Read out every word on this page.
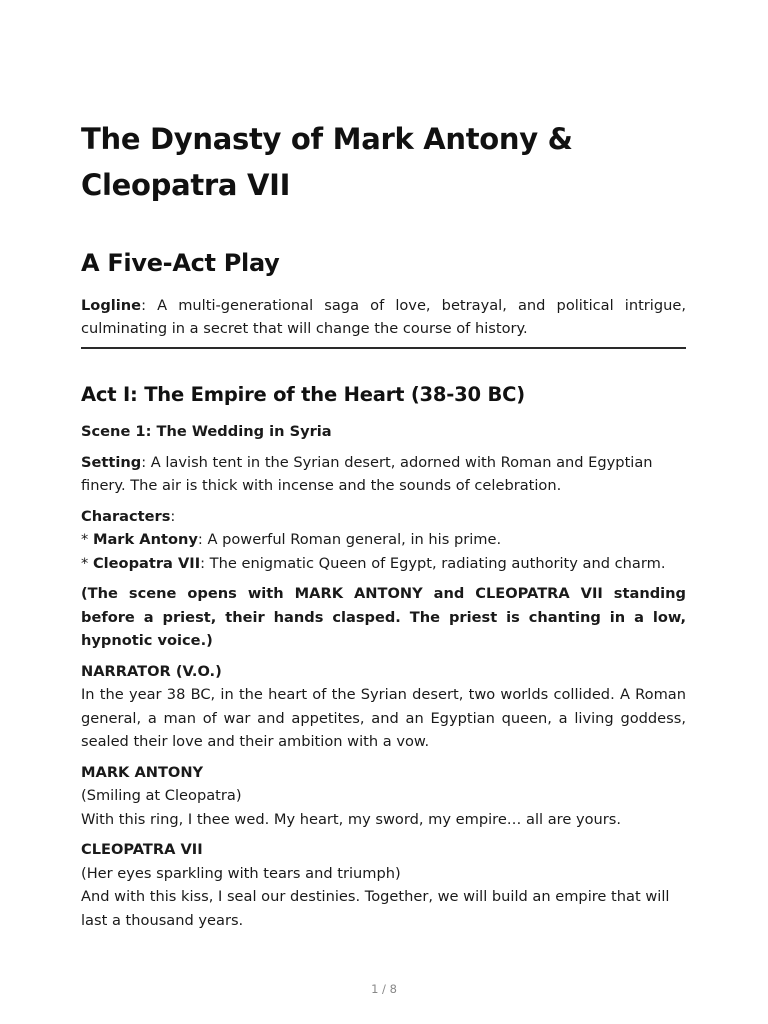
The Dynasty of Mark Antony & Cleopatra VII
A Five-Act Play

Logline: A multi-generational saga of love, betrayal, and political intrigue, culminating in a secret that will change the course of history.

Act I: The Empire of the Heart (38-30 BC)

Scene 1: The Wedding in Syria

Setting: A lavish tent in the Syrian desert, adorned with Roman and Egyptian finery. The air is thick with incense and the sounds of celebration.

Characters:
* Mark Antony: A powerful Roman general, in his prime.
* Cleopatra VII: The enigmatic Queen of Egypt, radiating authority and charm.

(The scene opens with MARK ANTONY and CLEOPATRA VII standing before a priest, their hands clasped. The priest is chanting in a low, hypnotic voice.)

NARRATOR (V.O.)
In the year 38 BC, in the heart of the Syrian desert, two worlds collided. A Roman general, a man of war and appetites, and an Egyptian queen, a living goddess, sealed their love and their ambition with a vow.

MARK ANTONY
(Smiling at Cleopatra)
With this ring, I thee wed. My heart, my sword, my empire… all are yours.

CLEOPATRA VII
(Her eyes sparkling with tears and triumph)
And with this kiss, I seal our destinies. Together, we will build an empire that will last a thousand years.

1 / 8
